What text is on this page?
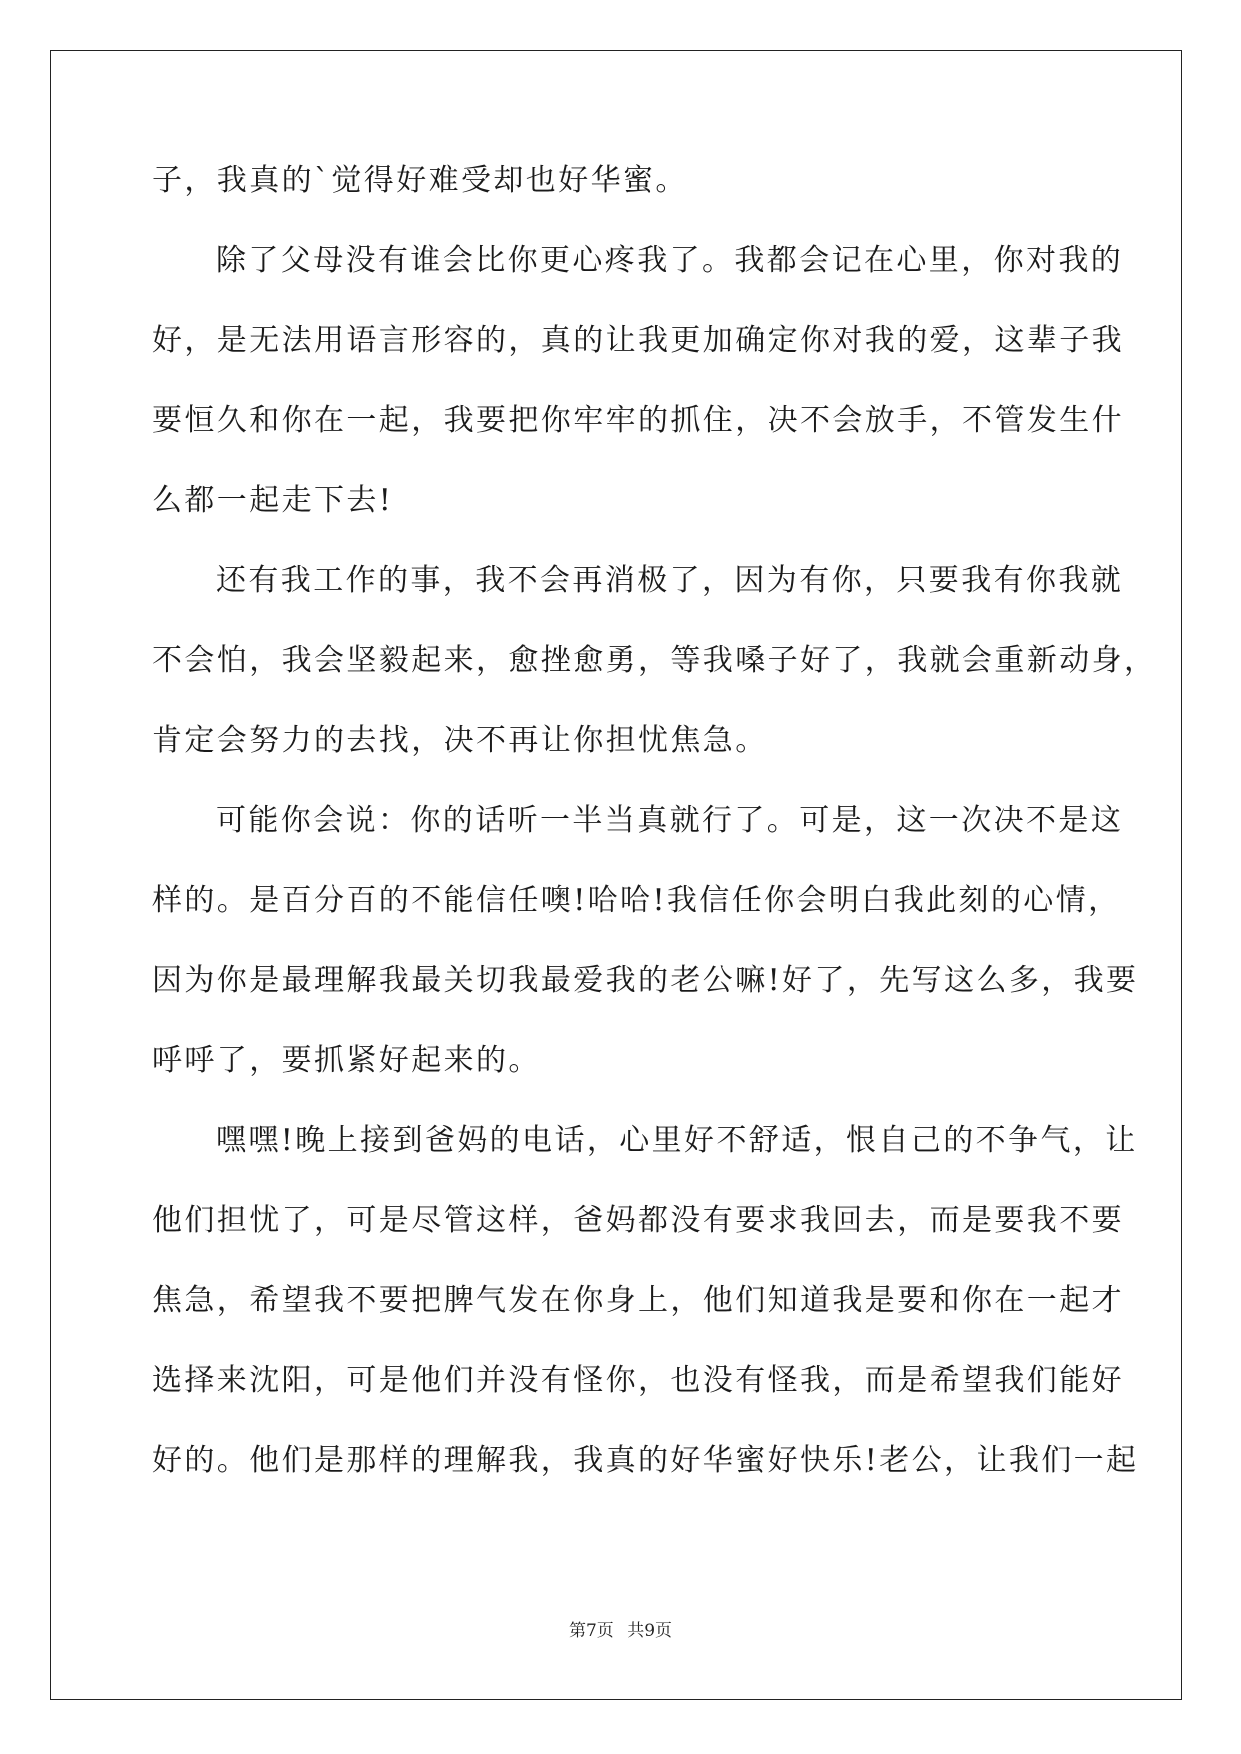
子，我真的`觉得好难受却也好华蜜。
除了父母没有谁会比你更心疼我了。我都会记在心里，你对我的
好，是无法用语言形容的，真的让我更加确定你对我的爱，这辈子我
要恒久和你在一起，我要把你牢牢的抓住，决不会放手，不管发生什
么都一起走下去!
还有我工作的事，我不会再消极了，因为有你，只要我有你我就
不会怕，我会坚毅起来，愈挫愈勇，等我嗓子好了，我就会重新动身，
肯定会努力的去找，决不再让你担忧焦急。
可能你会说：你的话听一半当真就行了。可是，这一次决不是这
样的。是百分百的不能信任噢!哈哈!我信任你会明白我此刻的心情，
因为你是最理解我最关切我最爱我的老公嘛!好了，先写这么多，我要
呼呼了，要抓紧好起来的。
嘿嘿!晚上接到爸妈的电话，心里好不舒适，恨自己的不争气，让
他们担忧了，可是尽管这样，爸妈都没有要求我回去，而是要我不要
焦急，希望我不要把脾气发在你身上，他们知道我是要和你在一起才
选择来沈阳，可是他们并没有怪你，也没有怪我，而是希望我们能好
好的。他们是那样的理解我，我真的好华蜜好快乐!老公，让我们一起
第7页 共9页
